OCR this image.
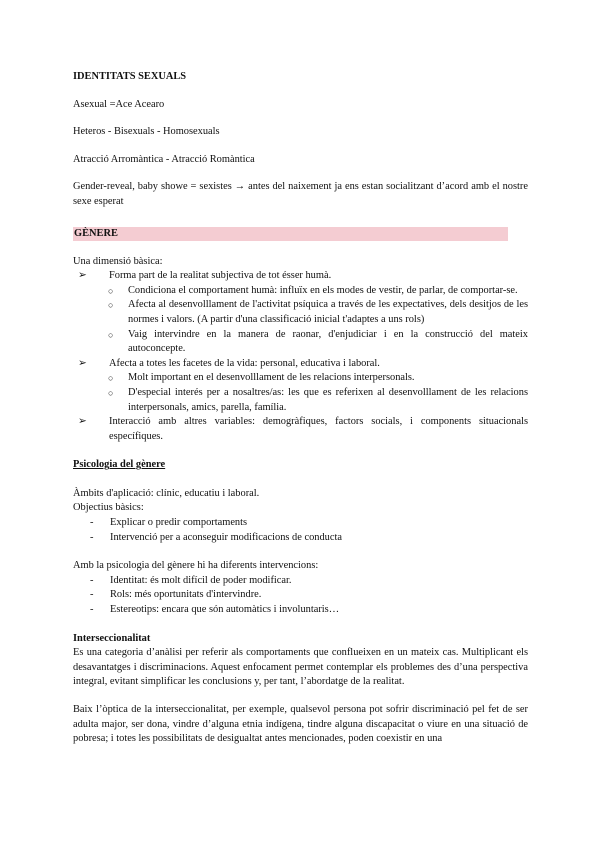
IDENTITATS SEXUALS

Asexual =Ace Acearo

Heteros - Bisexuals - Homosexuals

Atracció Arromàntica - Atracció Romàntica

Gender-reveal, baby showe = sexistes → antes del naixement ja ens estan socialitzant d’acord amb el nostre sexe esperat

GÈNERE

Una dimensió bàsica:

➢ Forma part de la realitat subjectiva de tot ésser humà.
○ Condiciona el comportament humà: influïx en els modes de vestir, de parlar, de comportar-se.
○ Afecta al desenvolllament de l'activitat psíquica a través de les expectatives, dels desitjos de les normes i valors. (A partir d'una classificació inicial t'adaptes a uns rols)
○ Vaig intervindre en la manera de raonar, d'enjudiciar i en la construcció del mateix autoconcepte.
➢ Afecta a totes les facetes de la vida: personal, educativa i laboral.
○ Molt important en el desenvolllament de les relacions interpersonals.
○ D'especial interés per a nosaltres/as: les que es referixen al desenvolllament de les relacions interpersonals, amics, parella, família.
➢ Interacció amb altres variables: demogràfiques, factors socials, i components situacionals específiques.

Psicologia del gènere

Àmbits d'aplicació: clínic, educatiu i laboral.

Objectius bàsics:

- Explicar o predir comportaments
- Intervenció per a aconseguir modificacions de conducta

Amb la psicologia del gènere hi ha diferents intervencions:

- Identitat: és molt difícil de poder modificar.
- Rols: més oportunitats d'intervindre.
- Estereotips: encara que són automàtics i involuntaris…

Interseccionalitat

Es una categoria d’anàlisi per referir als comportaments que conflueixen en un mateix cas. Multiplicant els desavantatges i discriminacions. Aquest enfocament permet contemplar els problemes des d’una perspectiva integral, evitant simplificar les conclusions y, per tant, l’abordatge de la realitat.

Baix l’òptica de la interseccionalitat, per exemple, qualsevol persona pot sofrir discriminació pel fet de ser adulta major, ser dona, vindre d’alguna etnia indígena, tindre alguna discapacitat o viure en una situació de pobresa; i totes les possibilitats de desigualtat antes mencionades, poden coexistir en una
